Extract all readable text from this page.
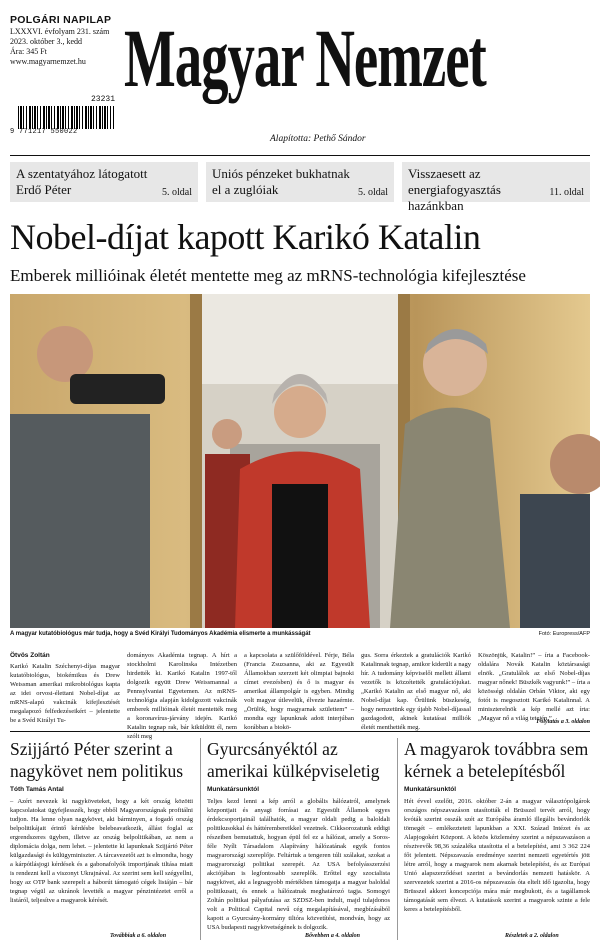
POLGÁRI NAPILAP
LXXXVI. évfolyam 231. szám
2023. október 3., kedd
Ára: 345 Ft
www.magyarnemzet.hu
23231
9 771217 550022
Magyar Nemzet
Alapította: Pethő Sándor
A szentatyához látogatott Erdő Péter	5. oldal
Uniós pénzeket bukhatnak el a zuglóiak	5. oldal
Visszaesett az energiafogyasztás hazánkban
11. oldal
Nobel-díjat kapott Karikó Katalin
Emberek millióinak életét mentette meg az mRNS-technológia kifejlesztése
A magyar kutatóbiológus már tudja, hogy a Svéd Királyi Tudományos Akadémia elismerte a munkásságát	Fotó: Europress/AFP
Ötvös Zoltán
Karikó Katalin Széchenyi-díjas magyar kutatóbiológus, biokémikus és Drew Weissman amerikai mikrobiológus kapta az idei orvosi-élettani Nobel-díjat az mRNS-alapú vakcinák kifejlesztését megalapozó felfedezéseikért – jelentette be a Svéd Királyi Tu-
dományos Akadémia tegnap. A hírt a stockholmi Karolinska Intézetben hirdették ki. Karikó Katalin 1997-től dolgozik együtt Drew Weissmannal a Pennsylvaniai Egyetemen. Az mRNS-technológia alapján kidolgozott vakcinák emberek millióinak életét mentették meg a koronavírus-járvány idején. Karikó Katalin tegnap rak, bár kiküldött él, nem szólt meg
a kapcsolata a szülőföldével. Férje, Béla (Francia Zsuzsanna, aki az Egyesült Államokban szerzett két olimpiai bajnoki címet evezésben) és ő is magyar és amerikai állampolgár is egyben. Mindig volt magyar útlevelük, élvezte hazaérnie. „Örülök, hogy magyarnak születtem” – mondta egy lapunknak adott interjúban korábban a biokö-
gus. Sorra érkeztek a gratulációk Karikó Katalinnak tegnap, amikor kiderült a nagy hír. A tudomány képviselői mellett állami vezetők is közzétették gratulációjukat. „Karikó Katalin az első magyar nő, aki Nobel-díjat kap. Őrülünk büszkeség, hogy nemzetünk egy újabb Nobel-díjassal gazdagodott, akinek kutatásai milliók életét menthették meg.
Köszönjük, Katalin!” – írta a Facebook-oldalára Novák Katalin köztársasági elnök. „Gratulálok az első Nobel-díjas magyar nőnek! Büszkék vagyunk!” – írta a közösségi oldalán Orbán Viktor, aki egy fotót is megosztott Karikó Katalinnal. A miniszterelnök a kép mellé azt írta: „Magyar nő a világ tetején.”
Folytatás a 3. oldalon
Szijjártó Péter szerint a nagykövet nem politikus
Tóth Tamás Antal
– Azért nevezek ki nagyköveteket, hogy a két ország közötti kapcsolatokat ügyfejlesszék, hogy ebből Magyarországnak profitálni tudjon. Ha lenne olyan nagykövet, aki bárminyen, a fogadó ország belpolitikájait érintő kérdésbe belebeavatkozik, állást foglal az ergrendszeres ügyben, illetve az ország belpolitikában, az nem a diplomácia dolga, nem lehet. – jelentette ki lapunknak Szijjártó Péter külgazdasági és külügyminiszter. A tárcavezetőt azt is elmondta, hogy a kárpótlásjogi kérdések és a gabonafolyók importjának tiltása miatt is rendezni kell a viszonyt Ukrajnával. Az szerint sem kell szégyellni, hogy az OTP bank szerepelt a háborút támogató cégek listáján – bár tegnap végül az ukránok levették a magyar pénzintézetet erről a listáról, teljesítve a magyarok kérését.
Továbbiak a 6. oldalon
Gyurcsányéktól az amerikai külképviseletig
Munkatársunktól
Teljes kezd lenni a kép arról a globális hálózatról, amelynek központjait és anyagi forrásai az Egyesült Államok egyes érdekcsoportjainál találhatók, a magyar oldali pedig a baloldali politikusokkal és háttérembereikkel vezetnek. Cikksorozatunk eddigi részeiben bemutattuk, hogyan épül fel ez a hálózat, amely a Soros-féle Nyílt Társadalom Alapítvány hálózatának egyik fontos magyarországi szereplője. Feltártuk a tengeren túli szálakat, szokat a magyarországi politikai szerepét. Az USA befolyásszerzési akciójában is legfontosabb szereplők. Erőttel egy szocialista nagykövet, aki a legnagyobb mértékben támogatja a magyar baloldal politikusait, és ennek a hálózatnak meghatározó tagja. Somogyi Zoltán politikai pályafutása az SZDSZ-ben indult, majd tulajdonos volt a Political Capital nevű cég megalapításával, megbízásából kapott a Gyurcsány-kormány tiltóra közvetítést, mondván, hogy az USA budapesti nagykövetségének is dolgozik.
Bővebben a 4. oldalon
A magyarok továbbra sem kérnek a betelepítésből
Munkatársunktól
Hét évvel ezelőtt, 2016. október 2-án a magyar választópolgárok országos népszavazáson utasították el Brüsszel tervét arról, hogy kvóták szerint osszák szét az Európába áramló illegális bevándorlók tömegét – emlékeztetett lapunkban a XXI. Század Intézet és az Alapjogokért Központ. A közös közlemény szerint a népszavazáson a résztvevők 98,36 százaléka utasította el a betelepítést, ami 3 362 224 főt jelentett. Népszavazás eredménye szerint nemzeti egyetértés jött létre arról, hogy a magyarok nem akarnak betelepítést, és az Európai Unió alapszerződései szerint a bevándorlás nemzeti hatáskör. A szervezetek szerint a 2016-os népszavazás óta eltelt idő igazolta, hogy Brüsszel akkori koncepciója mára már megbukott, és a tagállamok támogatását sem élvezi. A kutatások szerint a magyarok szinte a fele keres a betelepítésből.
Részletek a 2. oldalon
